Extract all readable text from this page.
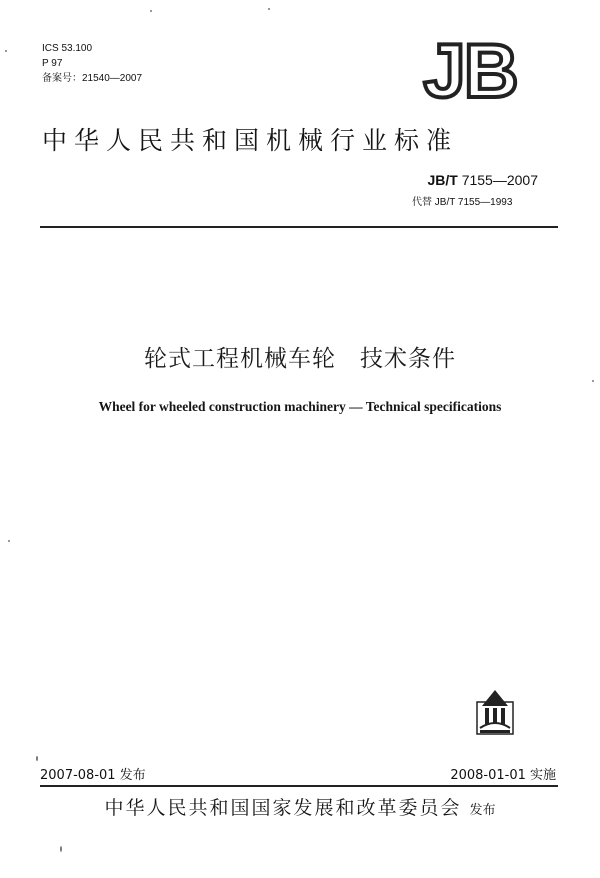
ICS 53.100
P 97
备案号：21540—2007	JB
中华人民共和国机械行业标准
JB/T 7155—2007
代替 JB/T 7155—1993
轮式工程机械车轮　技术条件
Wheel for wheeled construction machinery — Technical specifications
2007-08-01 发布	2008-01-01 实施
中华人民共和国国家发展和改革委员会 发布
